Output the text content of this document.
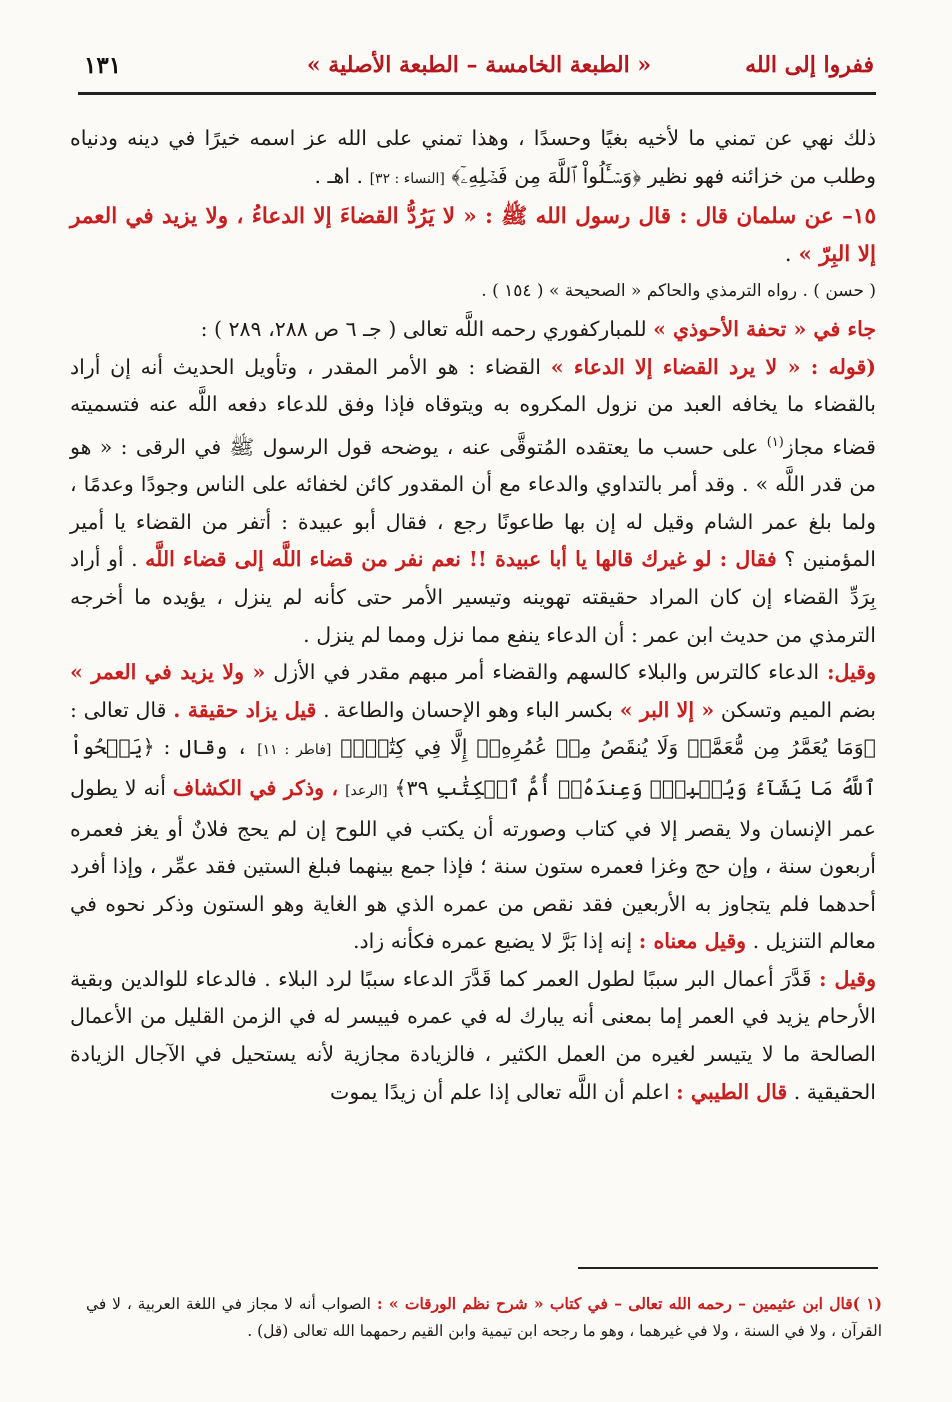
ففروا إلى الله
« الطبعة الخامسة – الطبعة الأصلية »
١٣١

ذلك نهي عن تمني ما لأخيه بغيًا وحسدًا ، وهذا تمني على الله عز اسمه خيرًا في دينه ودنياه وطلب من خزائنه فهو نظير ﴿وَسۡـَٔلُواْ ٱللَّهَ مِن فَضۡلِهِۦٓ﴾ [النساء : ٣٢] . اهـ .

١٥– عن سلمان قال : قال رسول الله ﷺ : « لا يَرُدُّ القضاءَ إلا الدعاءُ ، ولا يزيد في العمر إلا البِرّ » .

( حسن ) . رواه الترمذي والحاكم « الصحيحة » ( ١٥٤ ) .

جاء في « تحفة الأحوذي » للمباركفوري رحمه اللَّه تعالى ( جـ ٦ ص ٢٨٨، ٢٨٩ ) :

(قوله : « لا يرد القضاء إلا الدعاء » القضاء : هو الأمر المقدر ، وتأويل الحديث أنه إن أراد بالقضاء ما يخافه العبد من نزول المكروه به ويتوقاه فإذا وفق للدعاء دفعه اللَّه عنه فتسميته قضاء مجاز$^{(١)}$ على حسب ما يعتقده المُتوقَّى عنه ، يوضحه قول الرسول ﷺ في الرقى : « هو من قدر اللَّه » . وقد أمر بالتداوي والدعاء مع أن المقدور كائن لخفائه على الناس وجودًا وعدمًا ، ولما بلغ عمر الشام وقيل له إن بها طاعونًا رجع ، فقال أبو عبيدة : أتفر من القضاء يا أمير المؤمنين ؟ فقال : لو غيرك قالها يا أبا عبيدة !! نعم نفر من قضاء اللَّه إلى قضاء اللَّه . أو أراد بِرَدِّ القضاء إن كان المراد حقيقته تهوينه وتيسير الأمر حتى كأنه لم ينزل ، يؤيده ما أخرجه الترمذي من حديث ابن عمر : أن الدعاء ينفع مما نزل ومما لم ينزل .

وقيل: الدعاء كالترس والبلاء كالسهم والقضاء أمر مبهم مقدر في الأزل « ولا يزيد في العمر » بضم الميم وتسكن « إلا البر » بكسر الباء وهو الإحسان والطاعة . قيل يزاد حقيقة . قال تعالى : ﴿وَمَا يُعَمَّرُ مِن مُّعَمَّرٖ وَلَا يُنقَصُ مِنۡ عُمُرِهِۦٓ إِلَّا فِي كِتَٰبٍۚ﴾ [فاطر : ١١] ، وقال : ﴿يَمۡحُواْ ٱللَّهُ مَا يَشَآءُ وَيُثۡبِتُۖ وَعِندَهُۥٓ أُمُّ ٱلۡكِتَٰبِ ٣٩﴾ [الرعد] ، وذكر في الكشاف أنه لا يطول عمر الإنسان ولا يقصر إلا في كتاب وصورته أن يكتب في اللوح إن لم يحج فلانٌ أو يغز فعمره أربعون سنة ، وإن حج وغزا فعمره ستون سنة ؛ فإذا جمع بينهما فبلغ الستين فقد عمِّر ، وإذا أفرد أحدهما فلم يتجاوز به الأربعين فقد نقص من عمره الذي هو الغاية وهو الستون وذكر نحوه في معالم التنزيل . وقيل معناه : إنه إذا بَرَّ لا يضيع عمره فكأنه زاد.

وقيل : قَدَّرَ أعمال البر سببًا لطول العمر كما قَدَّرَ الدعاء سببًا لرد البلاء . فالدعاء للوالدين وبقية الأرحام يزيد في العمر إما بمعنى أنه يبارك له في عمره فييسر له في الزمن القليل من الأعمال الصالحة ما لا يتيسر لغيره من العمل الكثير ، فالزيادة مجازية لأنه يستحيل في الآجال الزيادة الحقيقية . قال الطيبي : اعلم أن اللَّه تعالى إذا علم أن زيدًا يموت

(١ )قال ابن عثيمين – رحمه الله تعالى – في كتاب « شرح نظم الورقات » : الصواب أنه لا مجاز في اللغة العربية ، لا في القرآن ، ولا في السنة ، ولا في غيرهما ، وهو ما رجحه ابن تيمية وابن القيم رحمهما الله تعالى (قل) .
